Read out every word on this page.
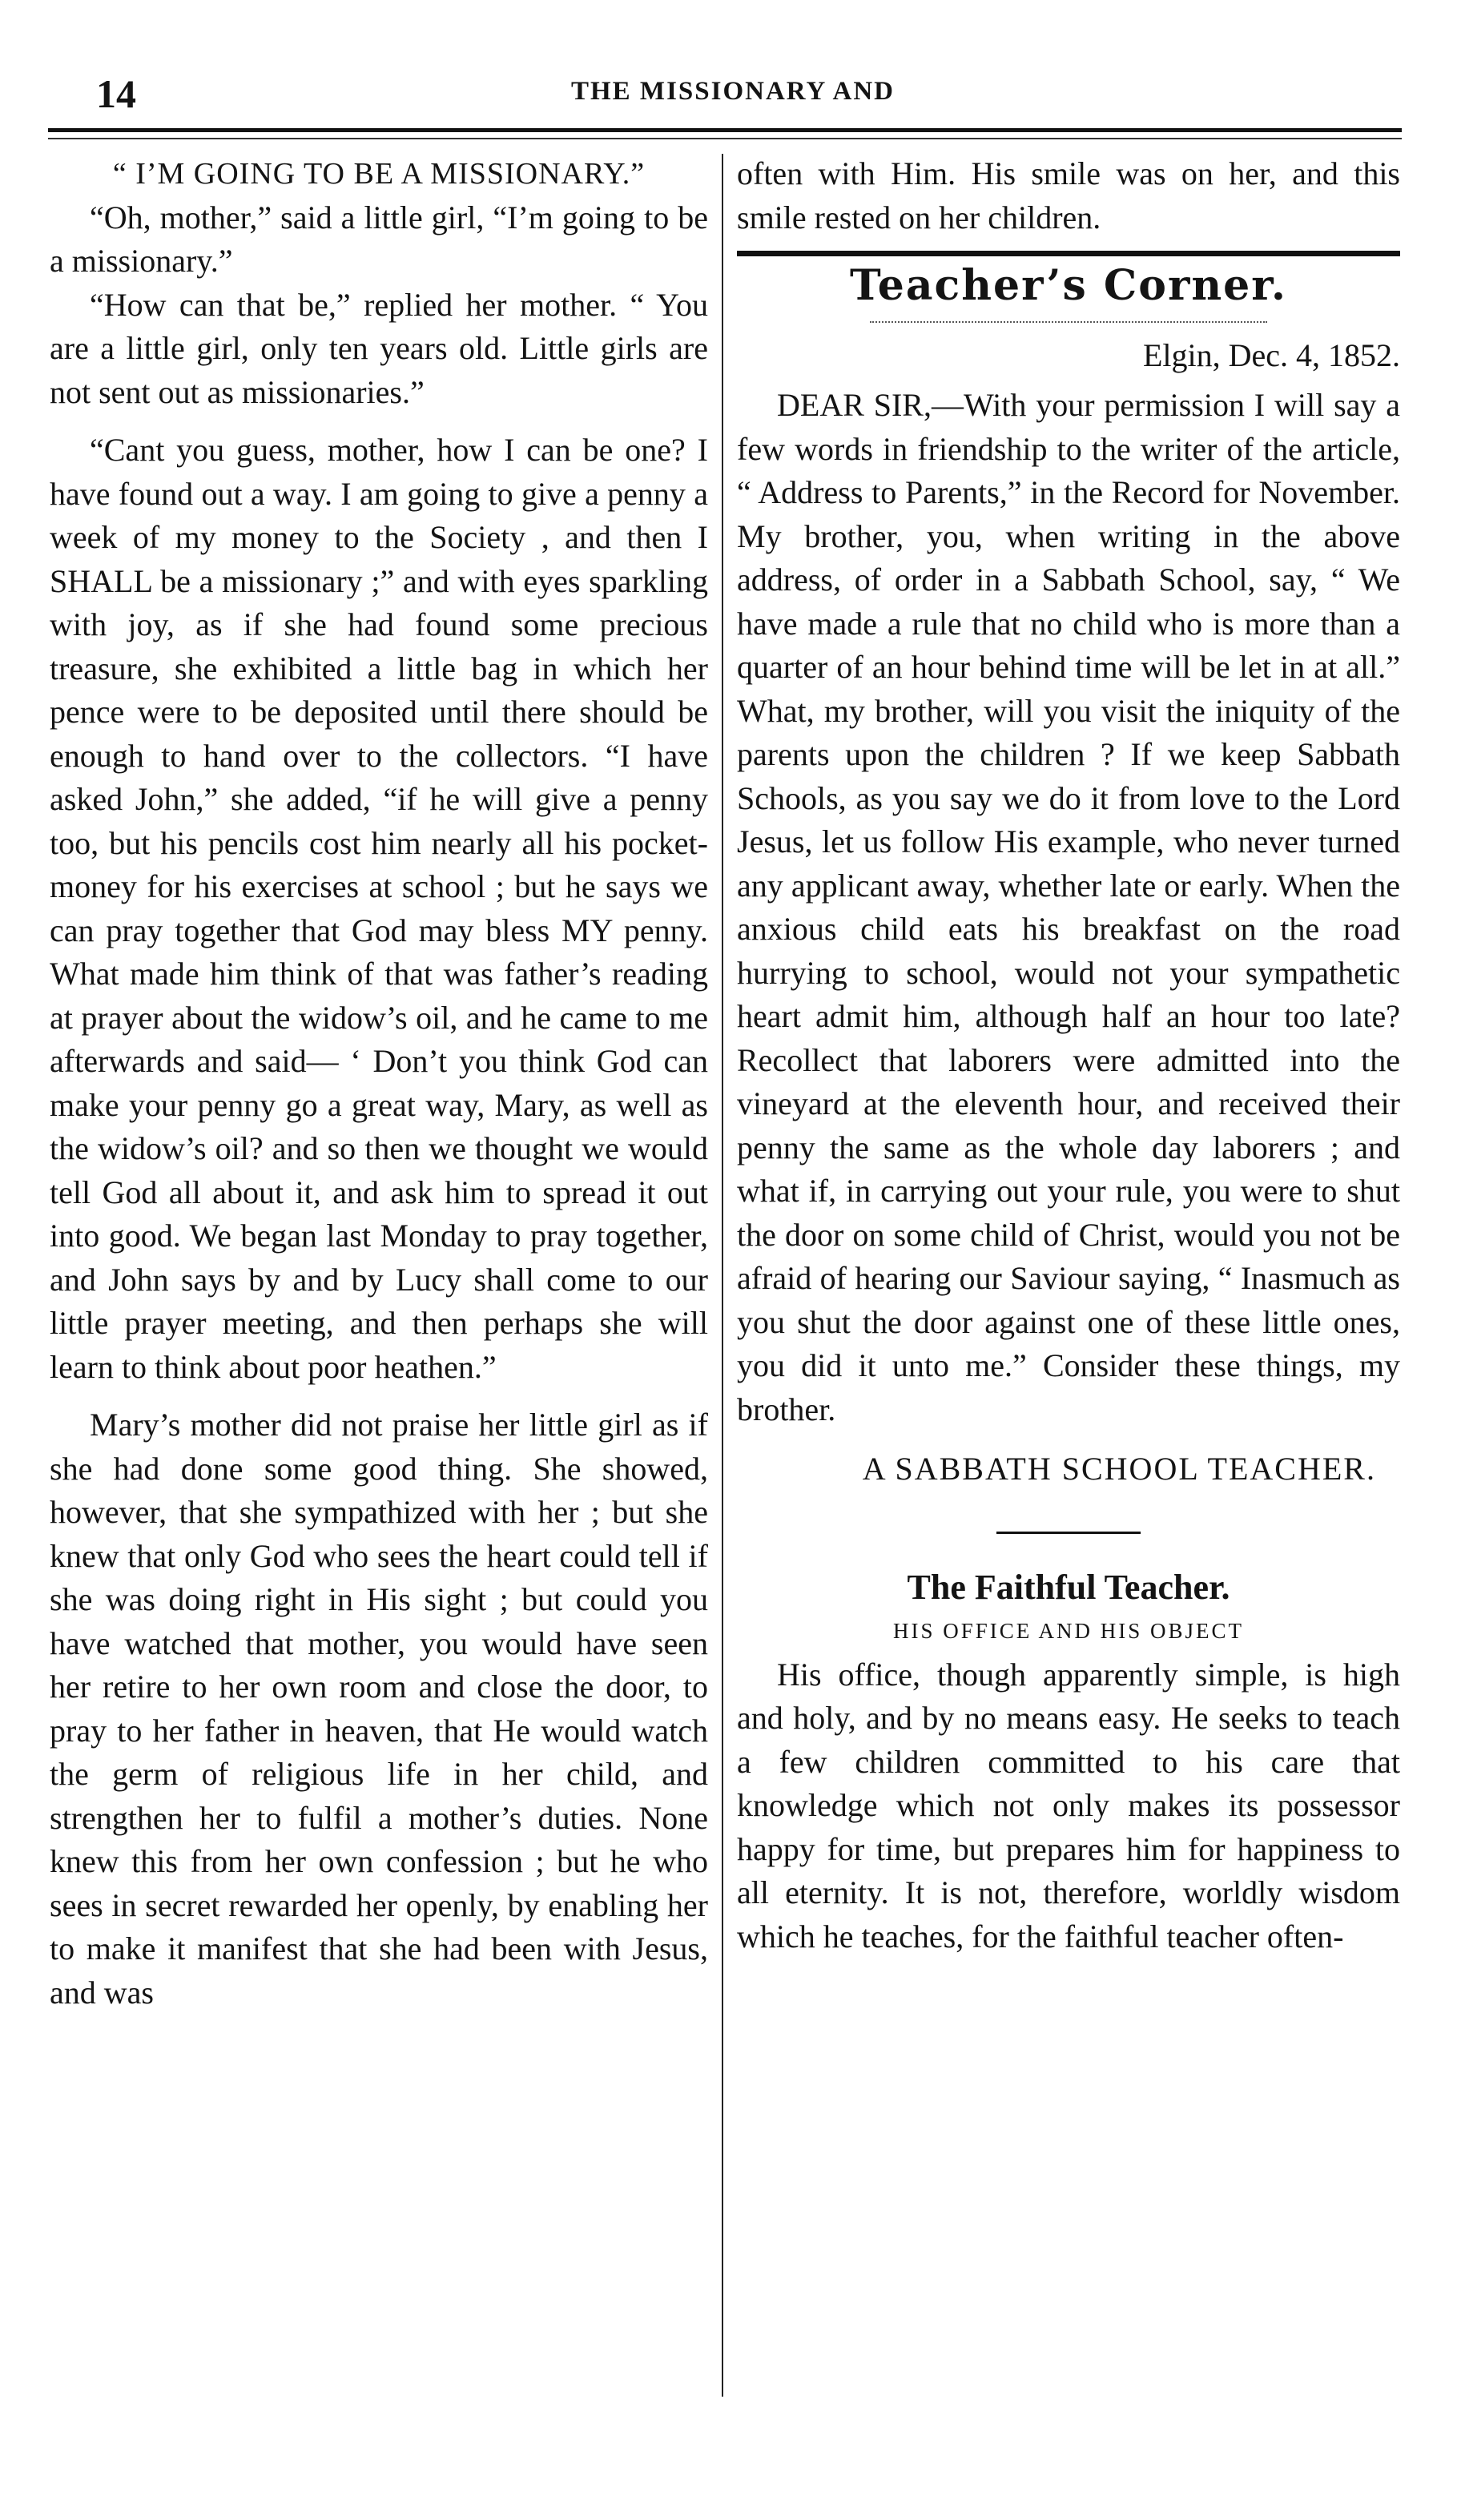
14	THE MISSIONARY AND

“ I’M GOING TO BE A MISSIONARY.”

“Oh, mother,” said a little girl, “I’m going to be a missionary.”

“How can that be,” replied her mother. “ You are a little girl, only ten years old. Little girls are not sent out as missionaries.”

“Cant you guess, mother, how I can be one? I have found out a way. I am going to give a penny a week of my money to the Society , and then I SHALL be a missionary ;” and with eyes sparkling with joy, as if she had found some precious treasure, she exhibited a little bag in which her pence were to be deposited until there should be enough to hand over to the collectors. “I have asked John,” she added, “if he will give a penny too, but his pencils cost him nearly all his pocket-money for his exercises at school ; but he says we can pray together that God may bless MY penny. What made him think of that was father’s reading at prayer about the widow’s oil, and he came to me afterwards and said— ‘ Don’t you think God can make your penny go a great way, Mary, as well as the widow’s oil? and so then we thought we would tell God all about it, and ask him to spread it out into good. We began last Monday to pray together, and John says by and by Lucy shall come to our little prayer meeting, and then perhaps she will learn to think about poor heathen.”

Mary’s mother did not praise her little girl as if she had done some good thing. She showed, however, that she sympathized with her ; but she knew that only God who sees the heart could tell if she was doing right in His sight ; but could you have watched that mother, you would have seen her retire to her own room and close the door, to pray to her father in heaven, that He would watch the germ of religious life in her child, and strengthen her to fulfil a mother’s duties. None knew this from her own confession ; but he who sees in secret rewarded her openly, by enabling her to make it manifest that she had been with Jesus, and was

often with Him. His smile was on her, and this smile rested on her children.

Teacher’s Corner.
Elgin, Dec. 4, 1852.

DEAR SIR,—With your permission I will say a few words in friendship to the writer of the article, “ Address to Parents,” in the Record for November. My brother, you, when writing in the above address, of order in a Sabbath School, say, “ We have made a rule that no child who is more than a quarter of an hour behind time will be let in at all.” What, my brother, will you visit the iniquity of the parents upon the children ? If we keep Sabbath Schools, as you say we do it from love to the Lord Jesus, let us follow His example, who never turned any applicant away, whether late or early. When the anxious child eats his breakfast on the road hurrying to school, would not your sympathetic heart admit him, although half an hour too late? Recollect that laborers were admitted into the vineyard at the eleventh hour, and received their penny the same as the whole day laborers ; and what if, in carrying out your rule, you were to shut the door on some child of Christ, would you not be afraid of hearing our Saviour saying, “ Inasmuch as you shut the door against one of these little ones, you did it unto me.” Consider these things, my brother.

A SABBATH SCHOOL TEACHER.

The Faithful Teacher.

HIS OFFICE AND HIS OBJECT

His office, though apparently simple, is high and holy, and by no means easy. He seeks to teach a few children committed to his care that knowledge which not only makes its possessor happy for time, but prepares him for happiness to all eternity. It is not, therefore, worldly wisdom which he teaches, for the faithful teacher often-
